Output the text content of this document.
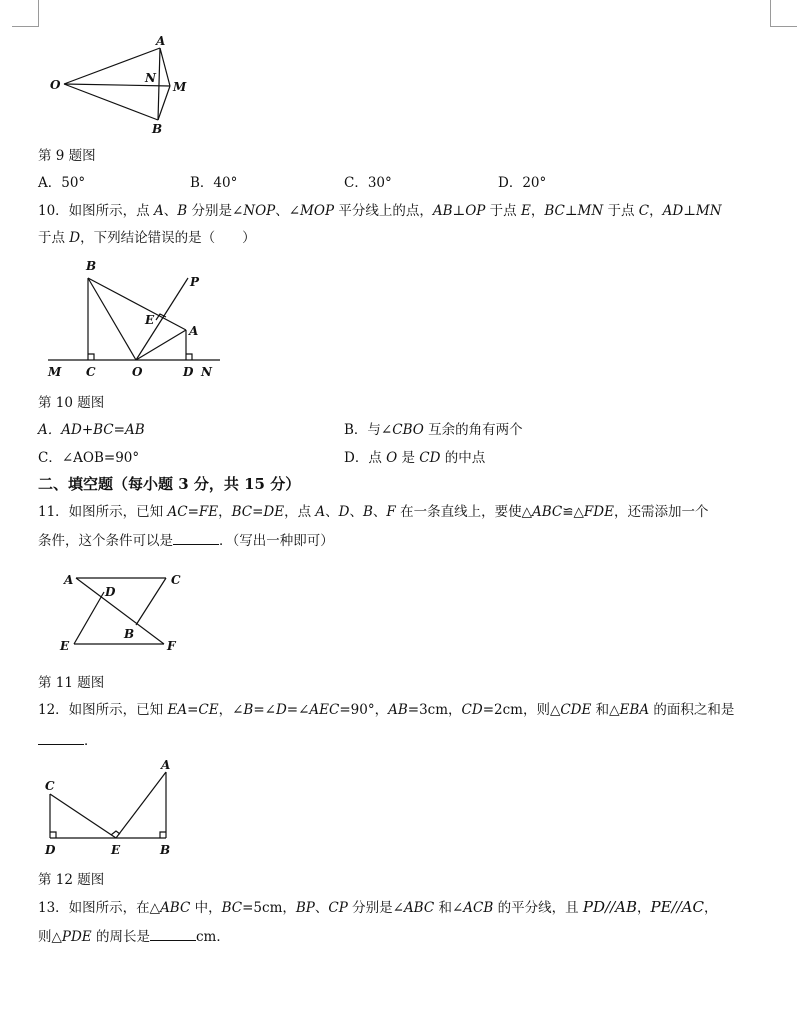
A
N
O	M
B
第 9 题图
A．50°	B．40°	C．30°	D．20°
10．如图所示，点 A、B 分别是∠NOP、∠MOP 平分线上的点，AB⊥OP 于点 E，BC⊥MN 于点 C，AD⊥MN
于点 D，下列结论错误的是（　　）
B
P
E
A
M C	O	D N
第 10 题图
A．AD+BC=AB	B．与∠CBO 互余的角有两个
C．∠AOB=90°	D．点 O 是 CD 的中点
二、填空题（每小题 3 分，共 15 分）
11．如图所示，已知 AC=FE，BC=DE，点 A、D、B、F 在一条直线上，要使△ABC≌△FDE，还需添加一个
条件，这个条件可以是	．（写出一种即可）
A	C
D
B
E	F
第 11 题图
12．如图所示，已知 EA=CE，∠B=∠D=∠AEC=90°，AB=3cm，CD=2cm，则△CDE 和△EBA 的面积之和是
．
C
A
D	E	B
第 12 题图
13．如图所示，在△ABC 中，BC=5cm，BP、CP 分别是∠ABC 和∠ACB 的平分线，且 PD//AB，PE//AC，
则△PDE 的周长是	cm．
